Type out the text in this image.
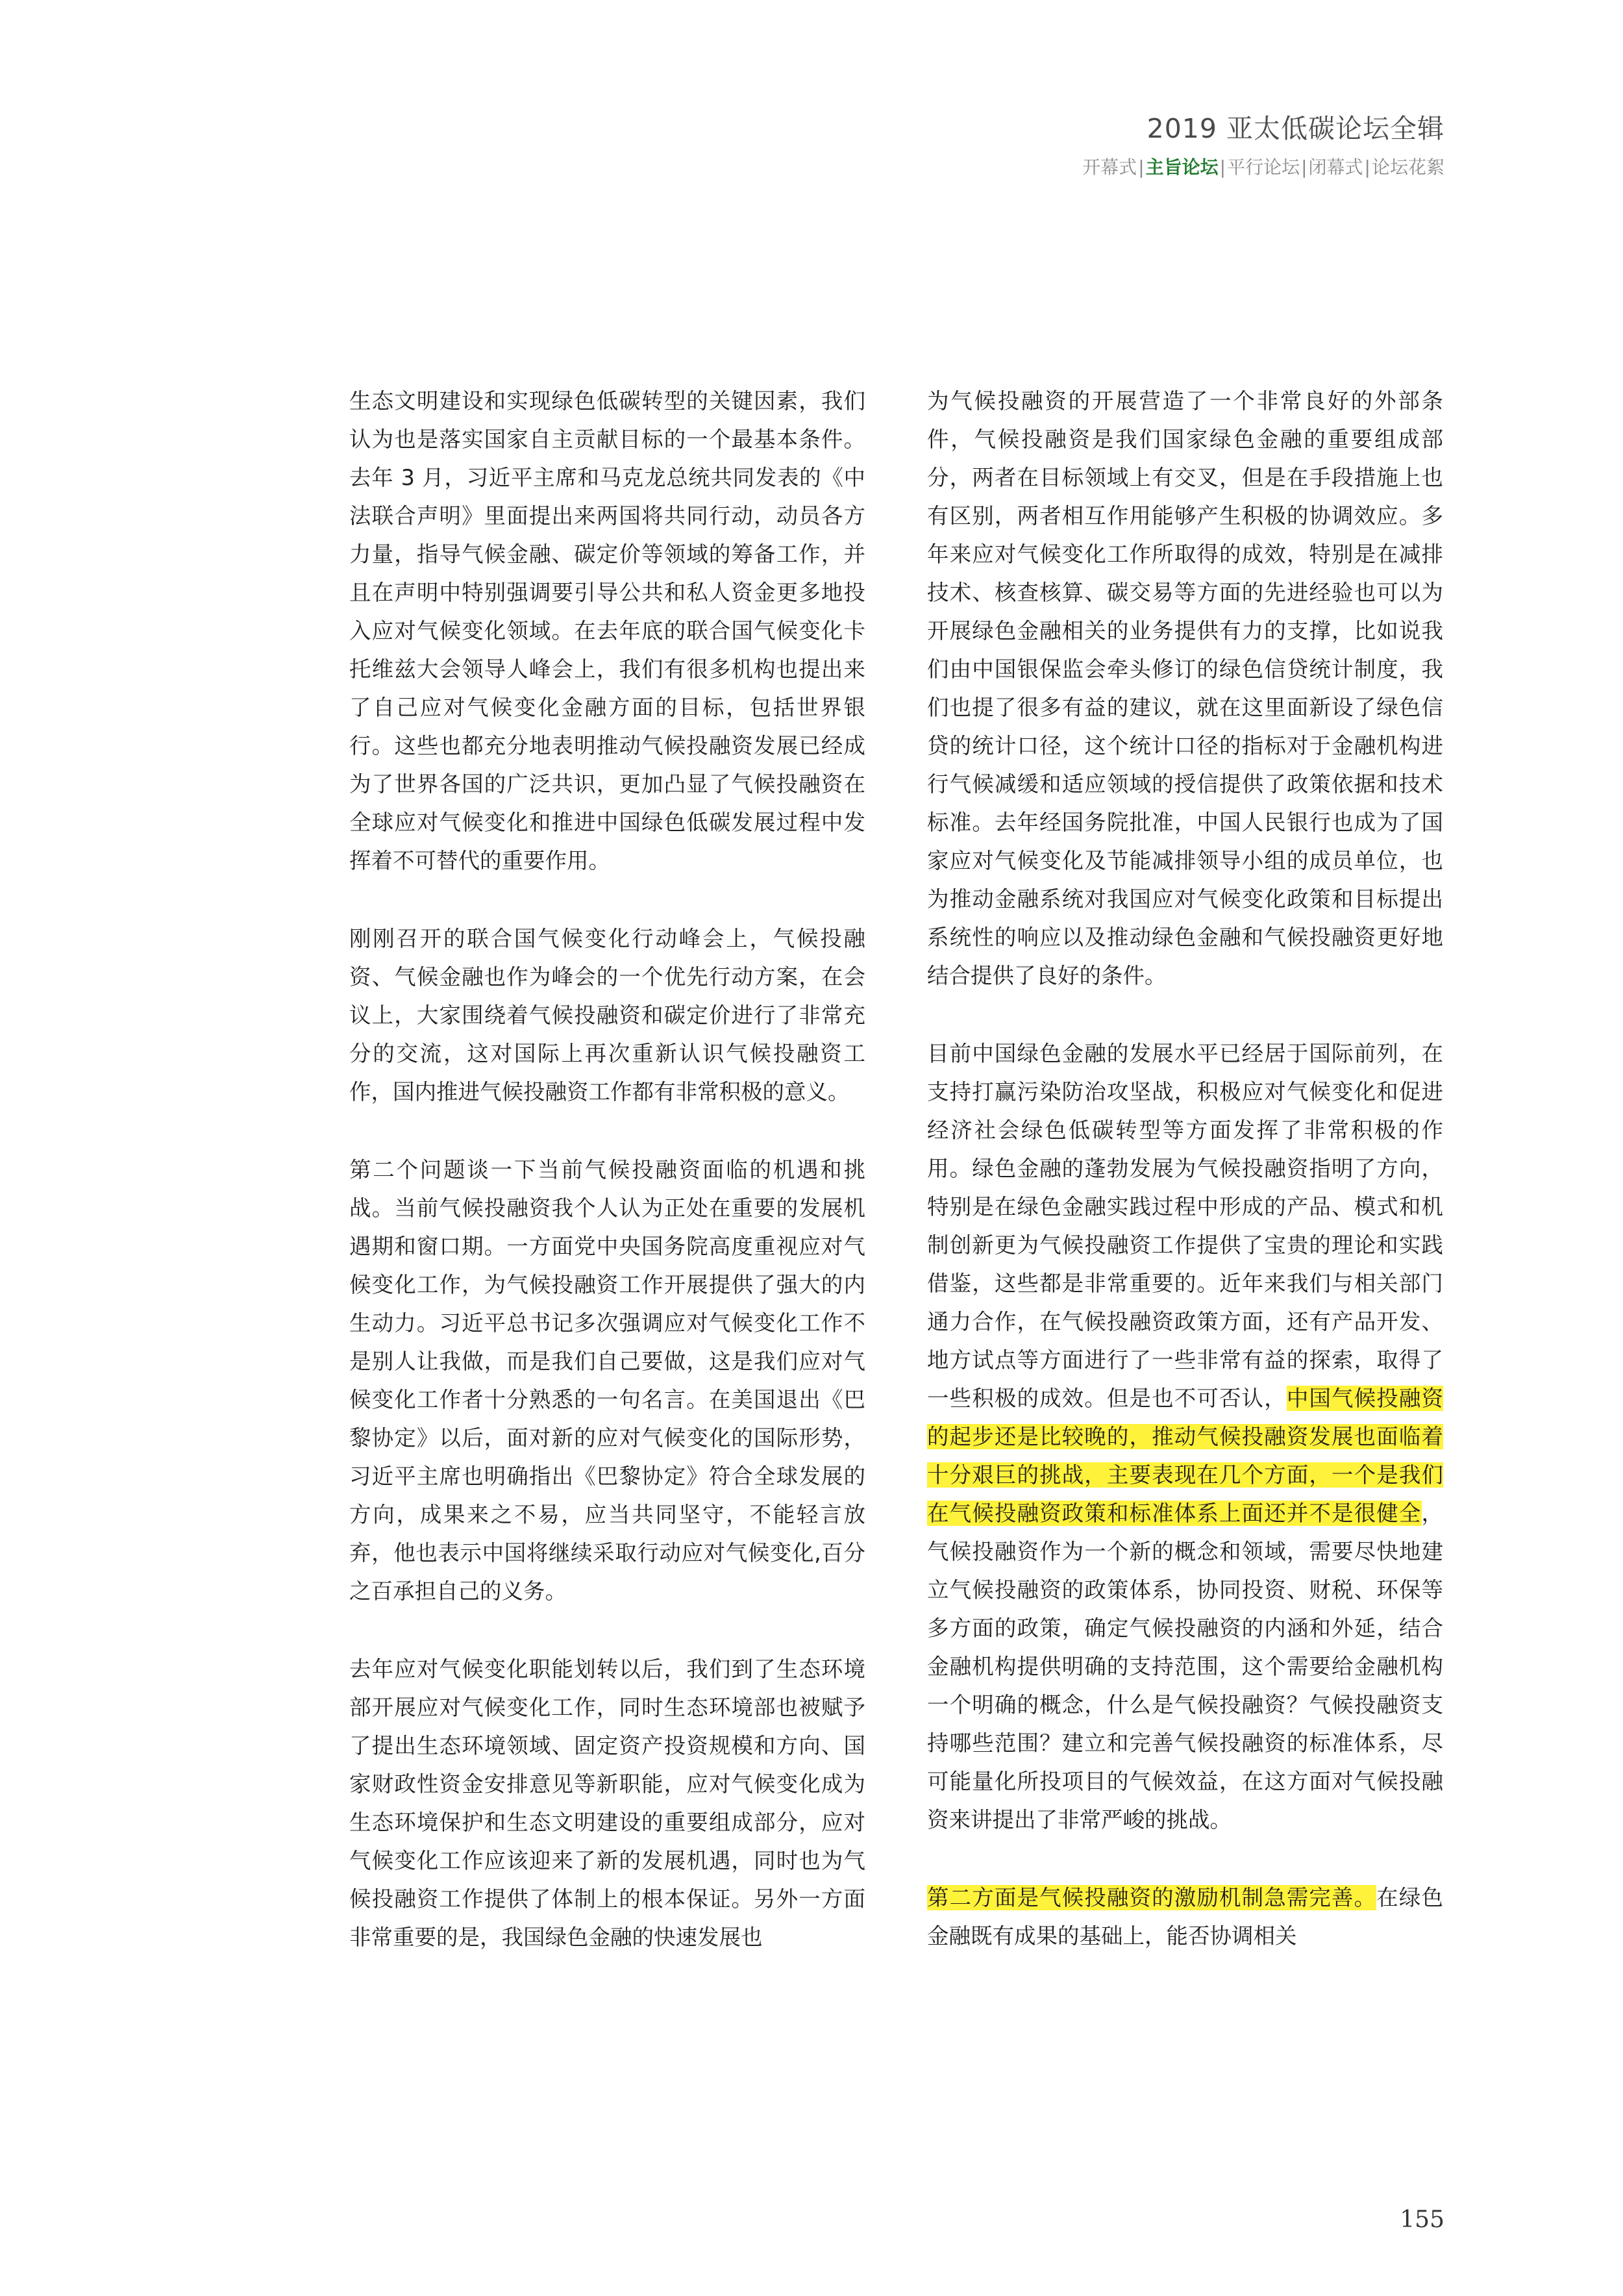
2019 亚太低碳论坛全辑
开幕式|主旨论坛|平行论坛|闭幕式|论坛花絮

生态文明建设和实现绿色低碳转型的关键因素，我们认为也是落实国家自主贡献目标的一个最基本条件。去年 3 月，习近平主席和马克龙总统共同发表的《中法联合声明》里面提出来两国将共同行动，动员各方力量，指导气候金融、碳定价等领域的筹备工作，并且在声明中特别强调要引导公共和私人资金更多地投入应对气候变化领域。在去年底的联合国气候变化卡托维兹大会领导人峰会上，我们有很多机构也提出来了自己应对气候变化金融方面的目标，包括世界银行。这些也都充分地表明推动气候投融资发展已经成为了世界各国的广泛共识，更加凸显了气候投融资在全球应对气候变化和推进中国绿色低碳发展过程中发挥着不可替代的重要作用。

刚刚召开的联合国气候变化行动峰会上，气候投融资、气候金融也作为峰会的一个优先行动方案，在会议上，大家围绕着气候投融资和碳定价进行了非常充分的交流，这对国际上再次重新认识气候投融资工作，国内推进气候投融资工作都有非常积极的意义。

第二个问题谈一下当前气候投融资面临的机遇和挑战。当前气候投融资我个人认为正处在重要的发展机遇期和窗口期。一方面党中央国务院高度重视应对气候变化工作，为气候投融资工作开展提供了强大的内生动力。习近平总书记多次强调应对气候变化工作不是别人让我做，而是我们自己要做，这是我们应对气候变化工作者十分熟悉的一句名言。在美国退出《巴黎协定》以后，面对新的应对气候变化的国际形势，习近平主席也明确指出《巴黎协定》符合全球发展的方向，成果来之不易，应当共同坚守，不能轻言放弃，他也表示中国将继续采取行动应对气候变化,百分之百承担自己的义务。

去年应对气候变化职能划转以后，我们到了生态环境部开展应对气候变化工作，同时生态环境部也被赋予了提出生态环境领域、固定资产投资规模和方向、国家财政性资金安排意见等新职能，应对气候变化成为生态环境保护和生态文明建设的重要组成部分，应对气候变化工作应该迎来了新的发展机遇，同时也为气候投融资工作提供了体制上的根本保证。另外一方面非常重要的是，我国绿色金融的快速发展也

为气候投融资的开展营造了一个非常良好的外部条件，气候投融资是我们国家绿色金融的重要组成部分，两者在目标领域上有交叉，但是在手段措施上也有区别，两者相互作用能够产生积极的协调效应。多年来应对气候变化工作所取得的成效，特别是在减排技术、核查核算、碳交易等方面的先进经验也可以为开展绿色金融相关的业务提供有力的支撑，比如说我们由中国银保监会牵头修订的绿色信贷统计制度，我们也提了很多有益的建议，就在这里面新设了绿色信贷的统计口径，这个统计口径的指标对于金融机构进行气候减缓和适应领域的授信提供了政策依据和技术标准。去年经国务院批准，中国人民银行也成为了国家应对气候变化及节能减排领导小组的成员单位，也为推动金融系统对我国应对气候变化政策和目标提出系统性的响应以及推动绿色金融和气候投融资更好地结合提供了良好的条件。

目前中国绿色金融的发展水平已经居于国际前列，在支持打赢污染防治攻坚战，积极应对气候变化和促进经济社会绿色低碳转型等方面发挥了非常积极的作用。绿色金融的蓬勃发展为气候投融资指明了方向，特别是在绿色金融实践过程中形成的产品、模式和机制创新更为气候投融资工作提供了宝贵的理论和实践借鉴，这些都是非常重要的。近年来我们与相关部门通力合作，在气候投融资政策方面，还有产品开发、地方试点等方面进行了一些非常有益的探索，取得了一些积极的成效。但是也不可否认，中国气候投融资的起步还是比较晚的，推动气候投融资发展也面临着十分艰巨的挑战，主要表现在几个方面，一个是我们在气候投融资政策和标准体系上面还并不是很健全，气候投融资作为一个新的概念和领域，需要尽快地建立气候投融资的政策体系，协同投资、财税、环保等多方面的政策，确定气候投融资的内涵和外延，结合金融机构提供明确的支持范围，这个需要给金融机构一个明确的概念，什么是气候投融资？气候投融资支持哪些范围？建立和完善气候投融资的标准体系，尽可能量化所投项目的气候效益，在这方面对气候投融资来讲提出了非常严峻的挑战。

第二方面是气候投融资的激励机制急需完善。在绿色金融既有成果的基础上，能否协调相关

155
